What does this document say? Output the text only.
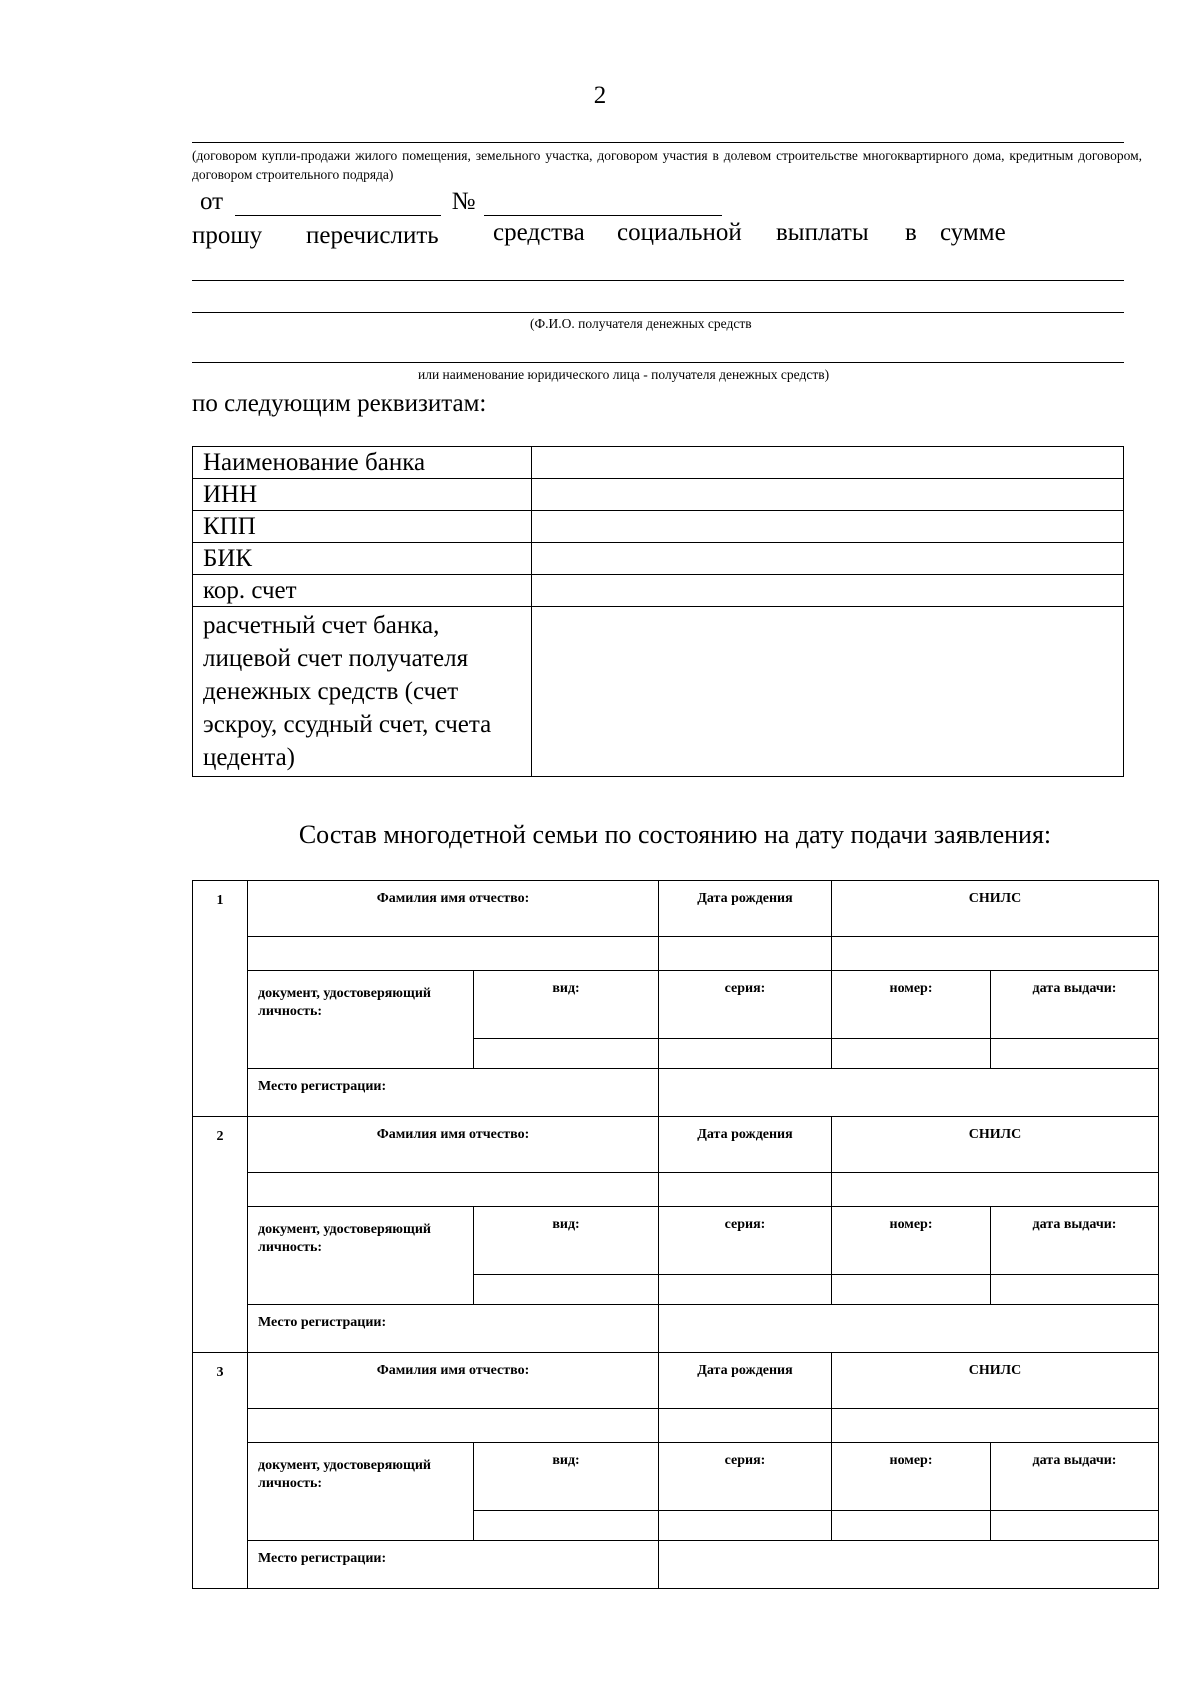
2
(договором купли-продажи жилого помещения, земельного участка, договором участия в долевом строительстве многоквартирного дома, кредитным договором, договором строительного подряда)
от	№
прошу перечислить средства социальной выплаты в сумме
(Ф.И.О. получателя денежных средств
или наименование юридического лица - получателя денежных средств)
по следующим реквизитам:
Наименование банка	
ИНН	
КПП	
БИК	
кор. счет	

расчетный счет банка,
лицевой счет получателя
денежных средств (счет
эскроу, ссудный счет, счета
цедента)	

Состав многодетной семьи по состоянию на дату подачи заявления:
1	Фамилия имя отчество:		Дата рождения	СНИЛС	

	документ, удостоверяющий личность:	вид:	серия:	номер:	дата выдачи:

	Место регистрации:				

2	Фамилия имя отчество:		Дата рождения	СНИЛС	

	документ, удостоверяющий личность:	вид:	серия:	номер:	дата выдачи:

	Место регистрации:				

3	Фамилия имя отчество:		Дата рождения	СНИЛС	

	документ, удостоверяющий личность:	вид:	серия:	номер:	дата выдачи:

	Место регистрации:				
